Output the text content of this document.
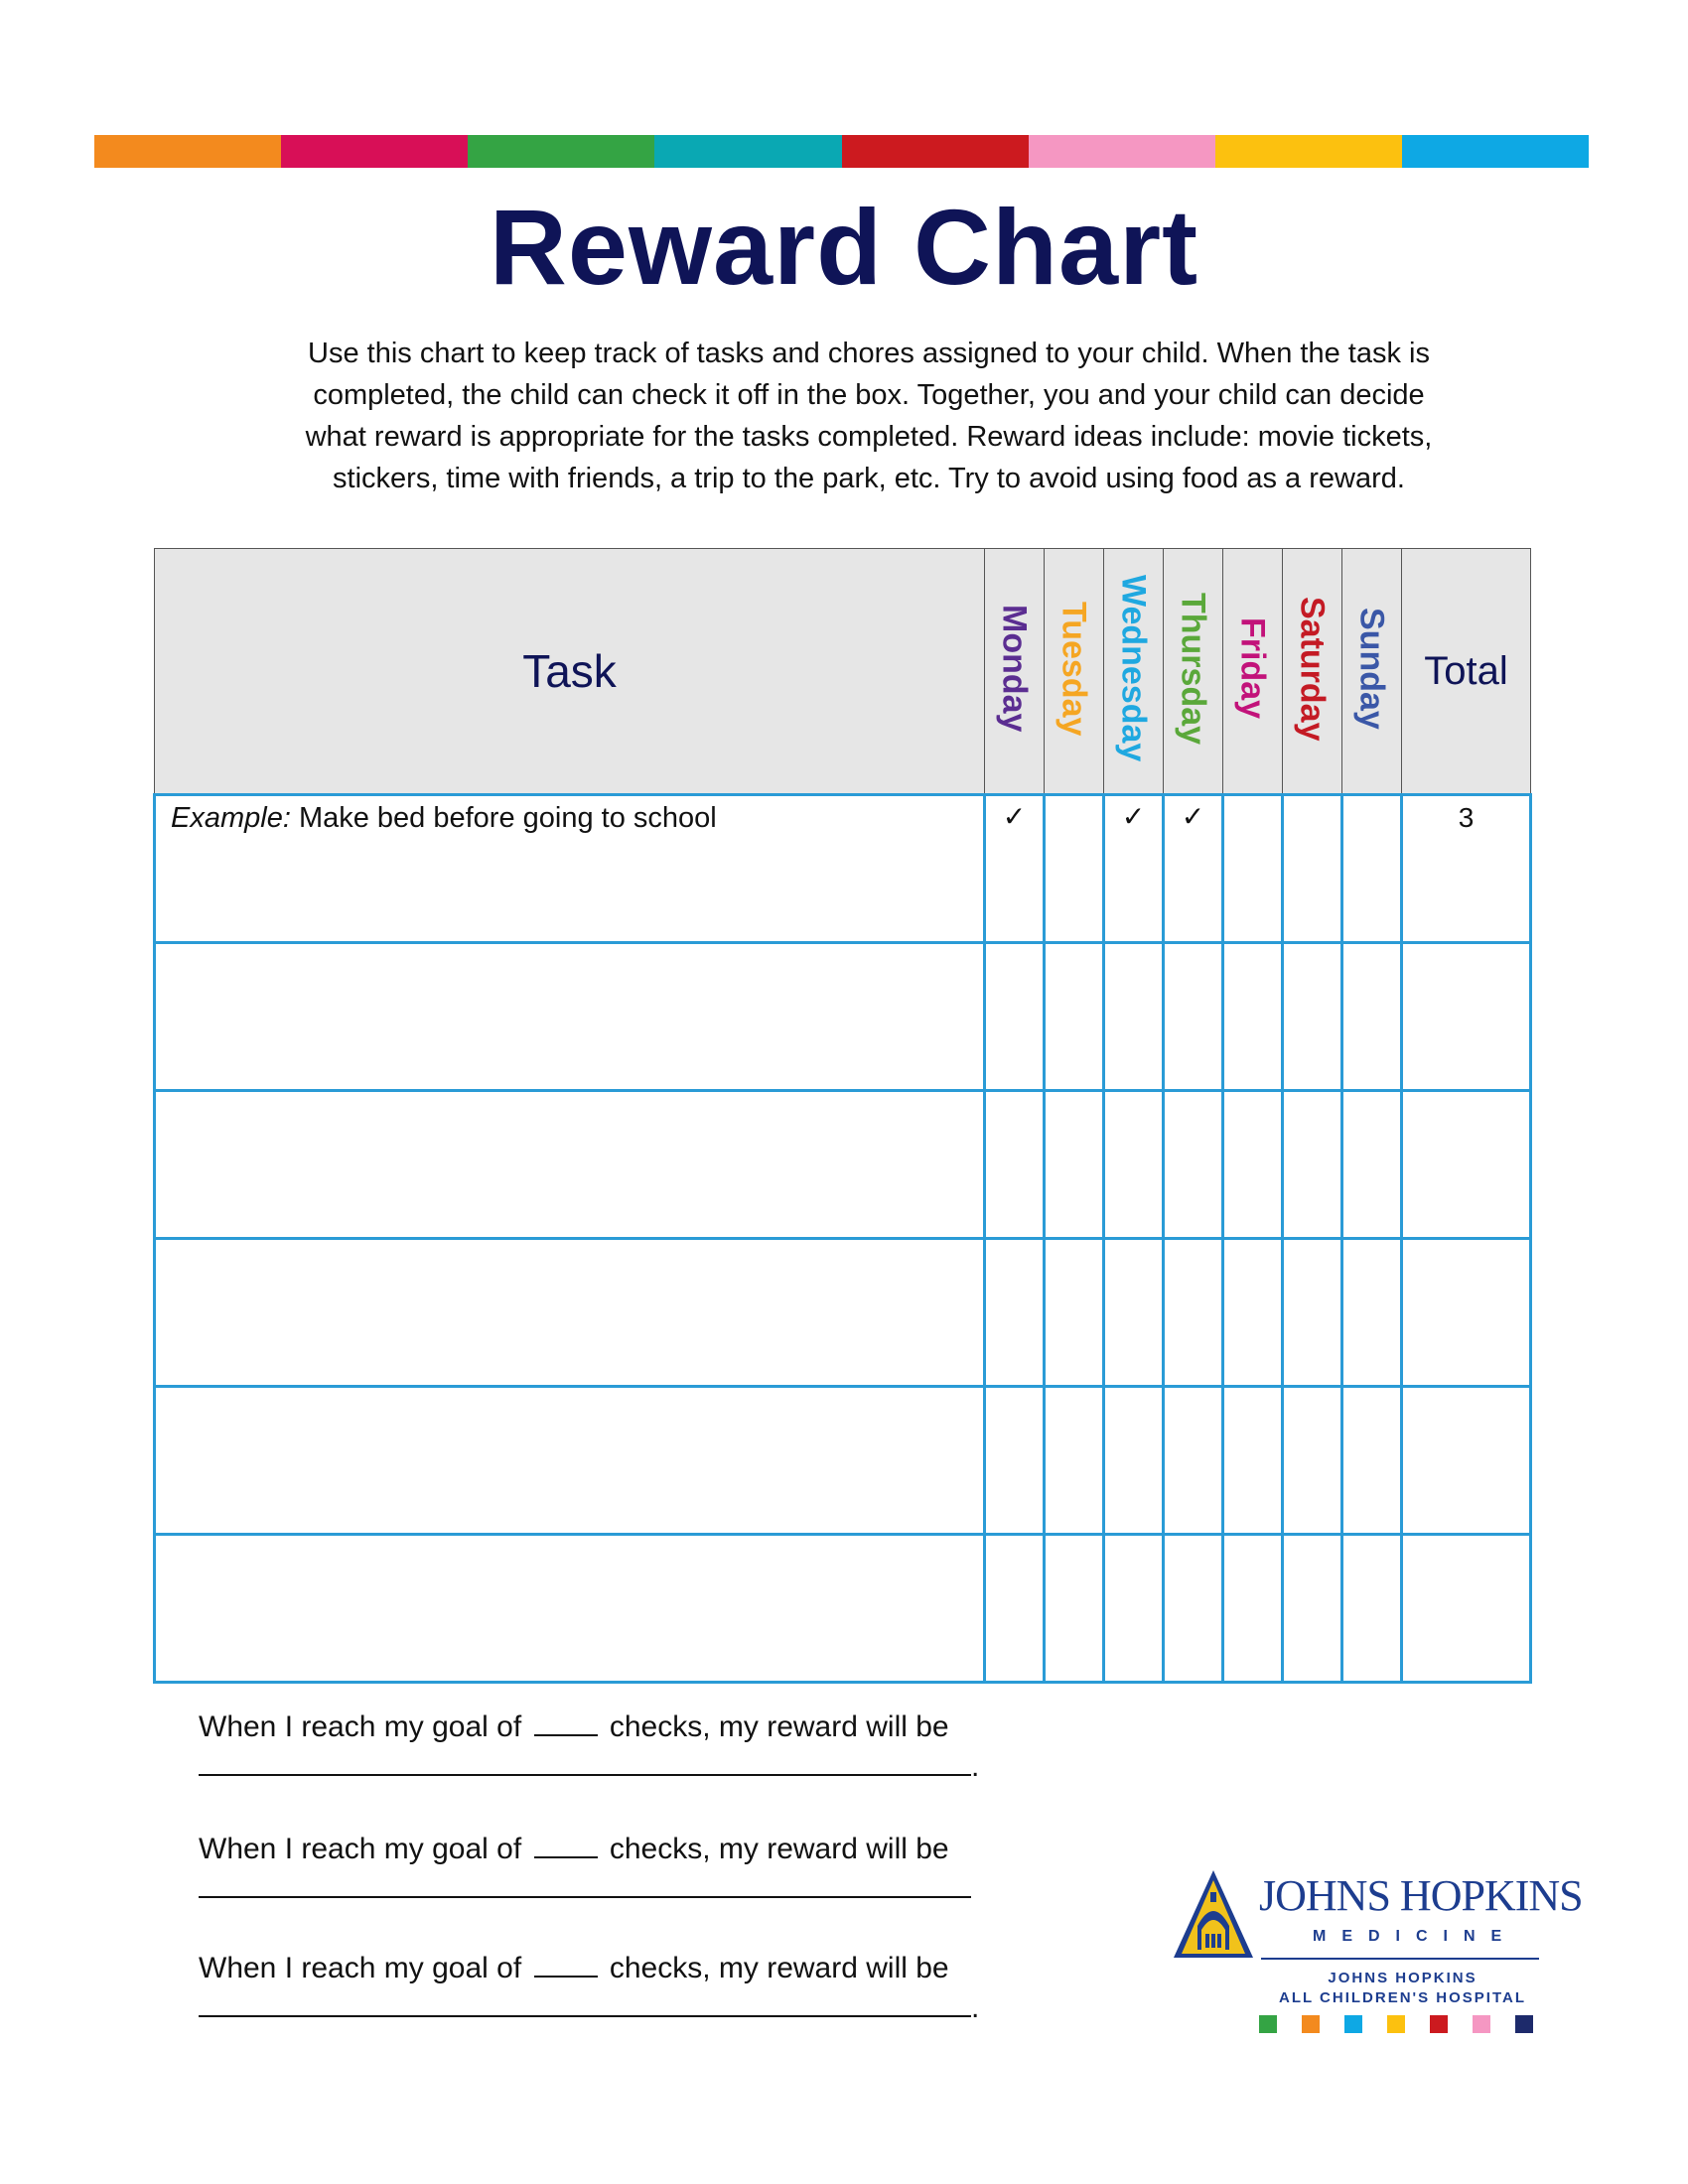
Reward Chart
Use this chart to keep track of tasks and chores assigned to your child. When the task is
completed, the child can check it off in the box. Together, you and your child can decide
what reward is appropriate for the tasks completed. Reward ideas include: movie tickets,
stickers, time with friends, a trip to the park, etc. Try to avoid using food as a reward.
Task	Monday	Tuesday	Wednesday	Thursday	Friday	Saturday	Sunday	Total
Example: Make bed before going to school	✓		✓	✓				3

When I reach my goal of	checks, my reward will be
.
When I reach my goal of	checks, my reward will be
When I reach my goal of	checks, my reward will be
.
JOHNS HOPKINS
MEDICINE
JOHNS HOPKINS
ALL CHILDREN'S HOSPITAL
